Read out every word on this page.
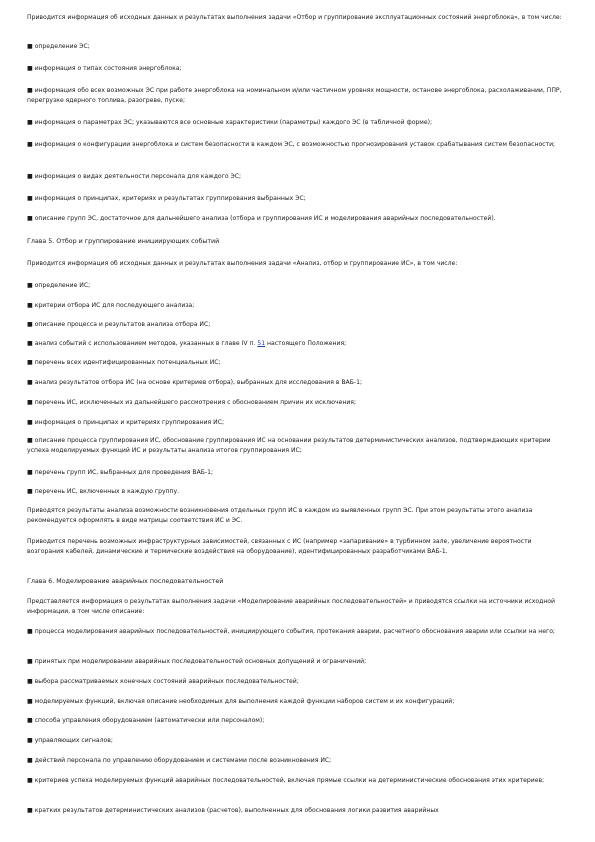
Приводится информация об исходных данных и результатах выполнения задачи «Отбор и группирование эксплуатационных состояний энергоблока», в том числе:

■ определение ЭС;

■ информация о типах состояния энергоблока;

■ информация обо всех возможных ЭС при работе энергоблока на номинальном и/или частичном уровнях мощности, останове энергоблока, расхолаживании, ППР, перегрузке ядерного топлива, разогреве, пуске;

■ информация о параметрах ЭС; указываются все основные характеристики (параметры) каждого ЭС (в табличной форме);

■ информация о конфигурации энергоблока и систем безопасности в каждом ЭС, с возможностью прогнозирования уставок срабатывания систем безопасности;

■ информация о видах деятельности персонала для каждого ЭС;

■ информация о принципах, критериях и результатах группирования выбранных ЭС;

■ описание групп ЭС, достаточное для дальнейшего анализа (отбора и группирования ИС и моделирования аварийных последовательностей).

Глава 5. Отбор и группирование инициирующих событий

Приводится информация об исходных данных и результатах выполнения задачи «Анализ, отбор и группирование ИС», в том числе:

■ определение ИС;

■ критерии отбора ИС для последующего анализа;

■ описание процесса и результатов анализа отбора ИС;

■ анализ событий с использованием методов, указанных в главе IV п. 51 настоящего Положения;

■ перечень всех идентифицированных потенциальных ИС;

■ анализ результатов отбора ИС (на основе критериев отбора), выбранных для исследования в ВАБ-1;

■ перечень ИС, исключенных из дальнейшего рассмотрения с обоснованием причин их исключения;

■ информация о принципах и критериях группирования ИС;

■ описание процесса группирования ИС, обоснование группирования ИС на основании результатов детерминистических анализов, подтверждающих критерии успеха моделируемых функций ИС и результаты анализа итогов группирования ИС;

■ перечень групп ИС, выбранных для проведения ВАБ-1;

■ перечень ИС, включенных в каждую группу.

Приводятся результаты анализа возможности возникновения отдельных групп ИС в каждом из выявленных групп ЭС. При этом результаты этого анализа рекомендуется оформлять в виде матрицы соответствия ИС и ЭС.

Приводится перечень возможных инфраструктурных зависимостей, связанных с ИС (например «запаривание» в турбинном зале, увеличение вероятности возгорания кабелей, динамические и термические воздействия на оборудование), идентифицированных разработчиками ВАБ-1.

Глава 6. Моделирование аварийных последовательностей

Представляется информация о результатах выполнения задачи «Моделирование аварийных последовательностей» и приводятся ссылки на источники исходной информации, в том числе описание:

■ процесса моделирования аварийных последовательностей, инициирующего события, протекания аварии, расчетного обоснования аварии или ссылки на него;

■ принятых при моделировании аварийных последовательностей основных допущений и ограничений;

■ выбора рассматриваемых конечных состояний аварийных последовательностей;

■ моделируемых функций, включая описание необходимых для выполнения каждой функции наборов систем и их конфигураций;

■ способа управления оборудованием (автоматически или персоналом);

■ управляющих сигналов;

■ действий персонала по управлению оборудованием и системами после возникновения ИС;

■ критериев успеха моделируемых функций аварийных последовательностей, включая прямые ссылки на детерминистические обоснования этих критериев;

■ кратких результатов детерминистических анализов (расчетов), выполненных для обоснования логики развития аварийных
